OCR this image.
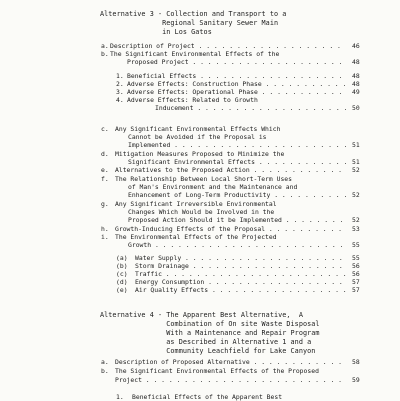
Alternative 3 - Collection and Transport to a
Regional Sanitary Sewer Main
in Los Gatos
a. Description of Project . . .	46
b. The Significant Environmental Effects of the
Proposed Project . . .	48
1. Beneficial Effects . . .	48
2. Adverse Effects: Construction Phase . . .	48
3. Adverse Effects: Operational Phase . . .	49
4. Adverse Effects: Related to Growth
Inducement . . .	50
c. Any Significant Environmental Effects Which
Cannot be Avoided if the Proposal is
Implemented . . .	51
d. Mitigation Measures Proposed to Minimize the
Significant Environmental Effects . . .	51
e. Alternatives to the Proposed Action . . .	52
f. The Relationship Between Local Short-Term Uses
of Man's Environment and the Maintenance and
Enhancement of Long-Term Productivity . . .	52
g. Any Significant Irreversible Environmental
Changes Which Would be Involved in the
Proposed Action Should it be Implemented . . .	52
h. Growth-Inducing Effects of the Proposal . . .	53
i. The Environmental Effects of the Projected
Growth . . .	55
(a) Water Supply . . .	55
(b) Storm Drainage . . .	56
(c) Traffic . . .	56
(d) Energy Consumption . . .	57
(e) Air Quality Effects . . .	57
Alternative 4 - The Apparent Best Alternative,  A
Combination of On site Waste Disposal
With a Maintenance and Repair Program
as Described in Alternative 1 and a
Community Leachfield for Lake Canyon
a. Description of Proposed Alternative . . .	58
b. The Significant Environmental Effects of the Proposed
Project . . .	59
1. Beneficial Effects of the Apparent Best
